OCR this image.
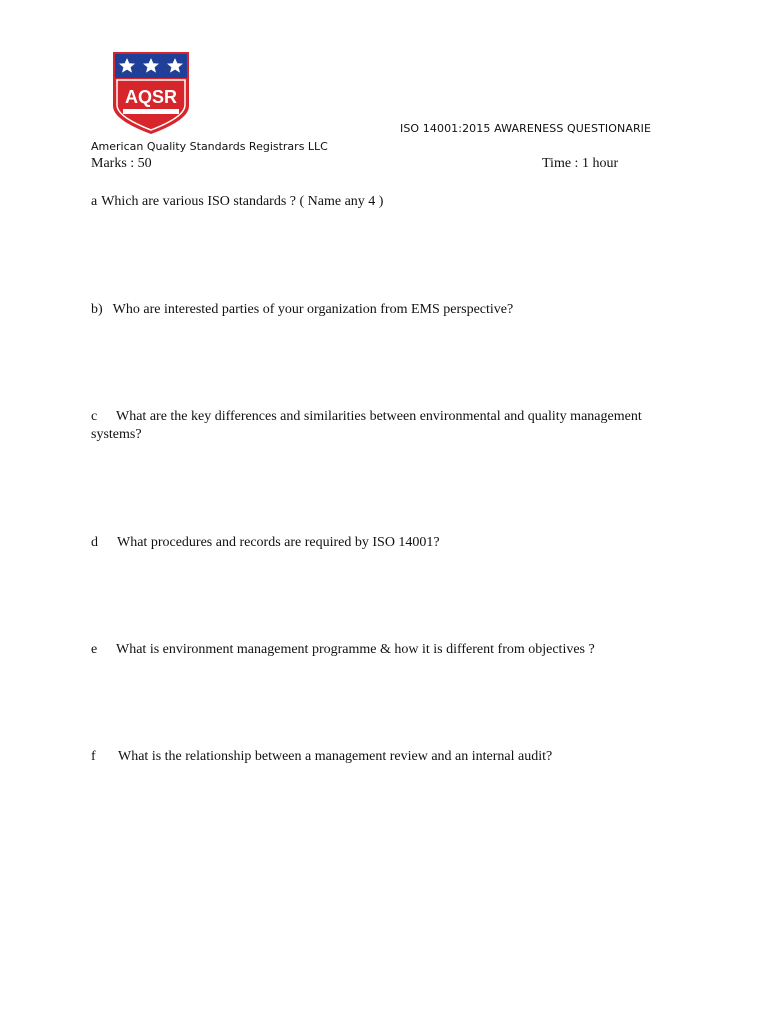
AQSR
ISO 14001:2015 AWARENESS QUESTIONARIE
American Quality Standards Registrars LLC
Marks : 50	Time : 1 hour
a Which are various ISO standards ? ( Name any 4 )
b) Who are interested parties of your organization from EMS perspective?
c What are the key differences and similarities between environmental and quality management systems?
d What procedures and records are required by ISO 14001?
e What is environment management programme & how it is different from objectives ?
f What is the relationship between a management review and an internal audit?
